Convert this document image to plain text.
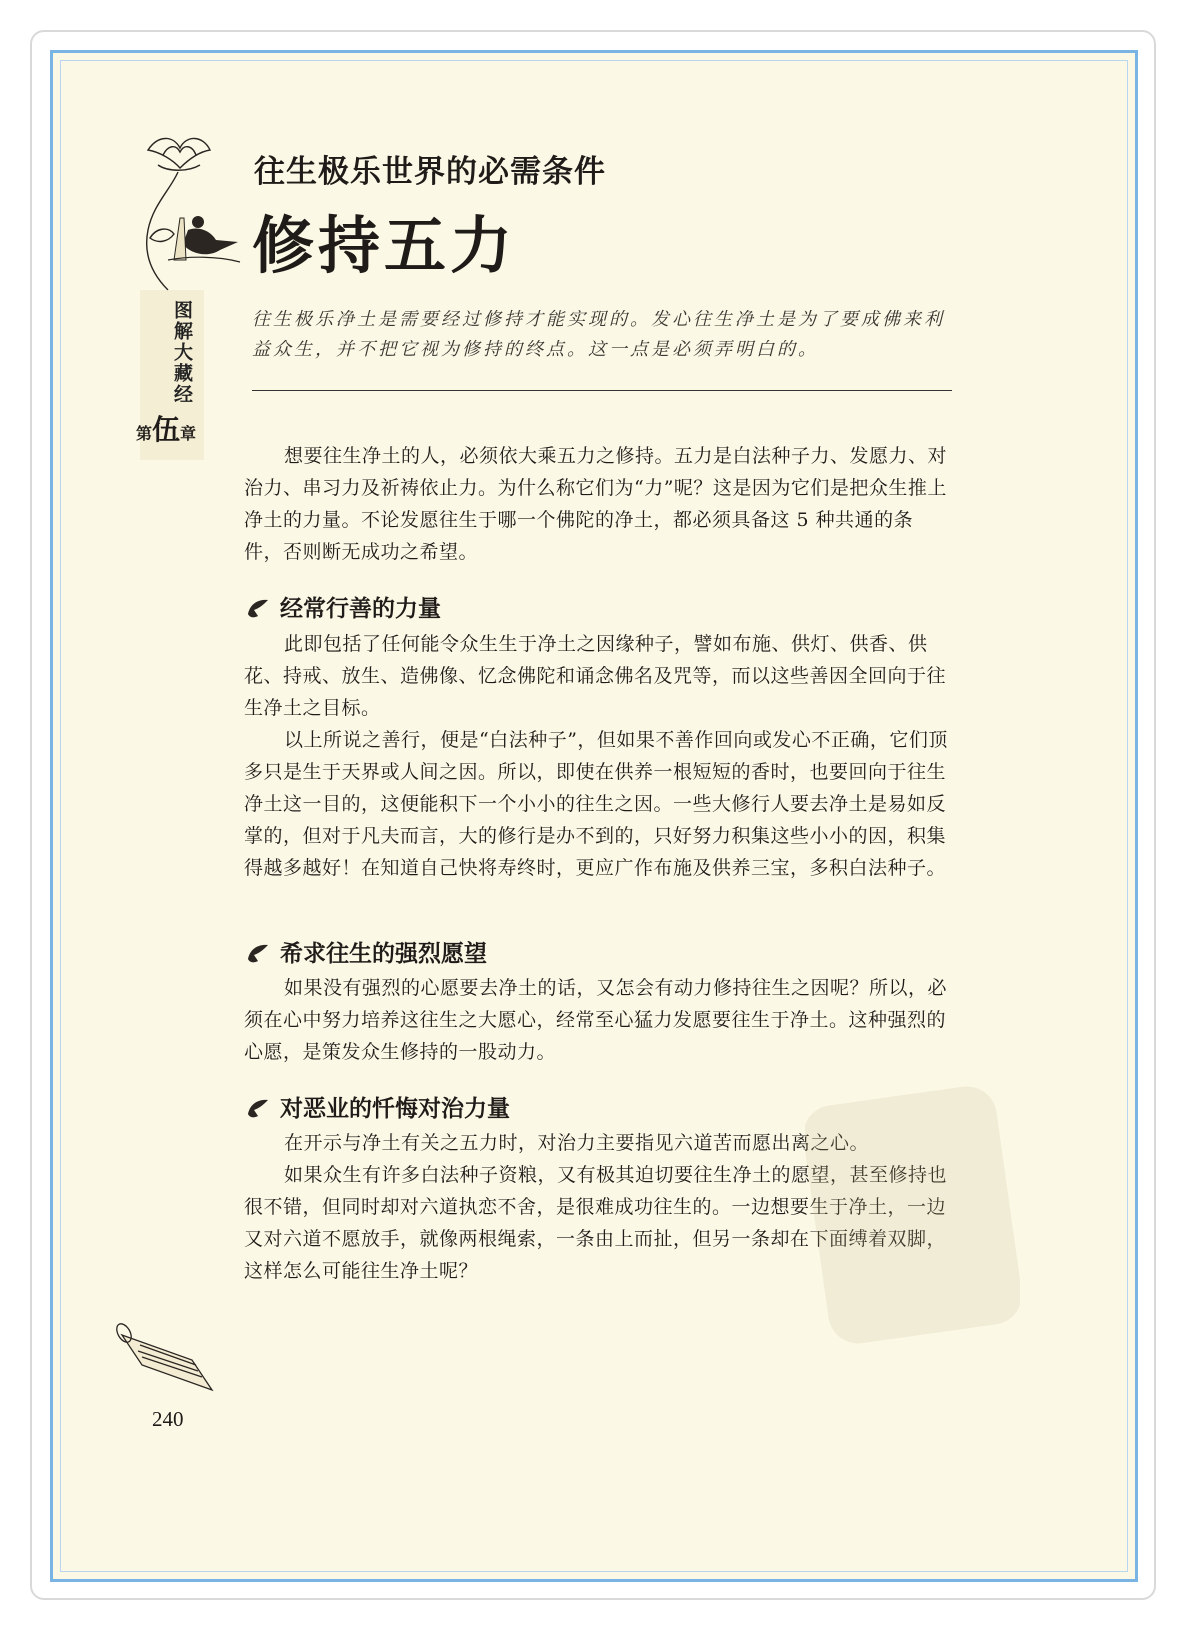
图解大藏经
第伍章
往生极乐世界的必需条件
修持五力
往生极乐净土是需要经过修持才能实现的。发心往生净土是为了要成佛来利益众生，并不把它视为修持的终点。这一点是必须弄明白的。
想要往生净土的人，必须依大乘五力之修持。五力是白法种子力、发愿力、对治力、串习力及祈祷依止力。为什么称它们为“力”呢？这是因为它们是把众生推上净土的力量。不论发愿往生于哪一个佛陀的净土，都必须具备这 5 种共通的条件，否则断无成功之希望。
经常行善的力量
此即包括了任何能令众生生于净土之因缘种子，譬如布施、供灯、供香、供花、持戒、放生、造佛像、忆念佛陀和诵念佛名及咒等，而以这些善因全回向于往生净土之目标。
以上所说之善行，便是“白法种子”，但如果不善作回向或发心不正确，它们顶多只是生于天界或人间之因。所以，即使在供养一根短短的香时，也要回向于往生净土这一目的，这便能积下一个小小的往生之因。一些大修行人要去净土是易如反掌的，但对于凡夫而言，大的修行是办不到的，只好努力积集这些小小的因，积集得越多越好！在知道自己快将寿终时，更应广作布施及供养三宝，多积白法种子。
希求往生的强烈愿望
如果没有强烈的心愿要去净土的话，又怎会有动力修持往生之因呢？所以，必须在心中努力培养这往生之大愿心，经常至心猛力发愿要往生于净土。这种强烈的心愿，是策发众生修持的一股动力。
对恶业的忏悔对治力量
在开示与净土有关之五力时，对治力主要指见六道苦而愿出离之心。
如果众生有许多白法种子资粮，又有极其迫切要往生净土的愿望，甚至修持也很不错，但同时却对六道执恋不舍，是很难成功往生的。一边想要生于净土，一边又对六道不愿放手，就像两根绳索，一条由上而扯，但另一条却在下面缚着双脚，这样怎么可能往生净土呢？
240
